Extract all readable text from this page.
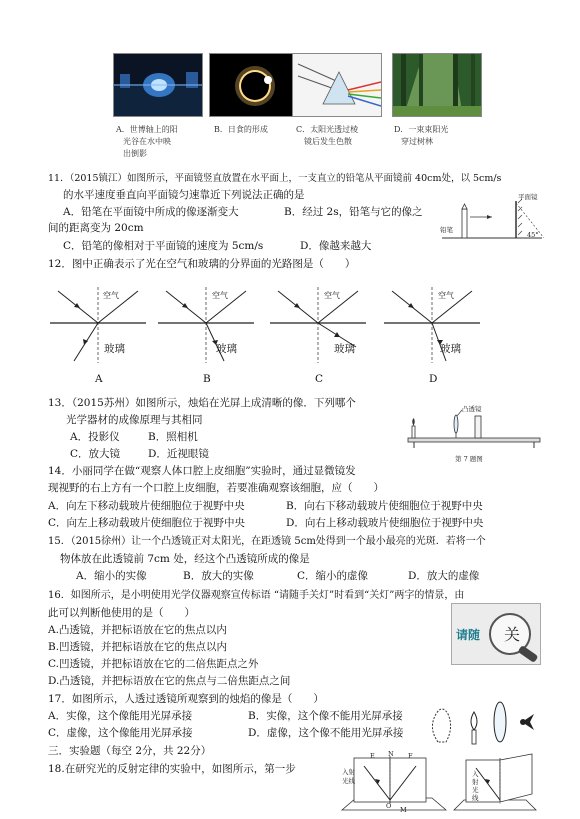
A．世博轴上的阳
光谷在水中映
出倒影
B．日食的形成	C．太阳光透过棱
镜后发生色散
D．一束束阳光
穿过树林
11．（2015镇江）如图所示，平面镜竖直放置在水平面上，一支直立的铅笔从平面镜前 40cm处，以 5cm/s
的水平速度垂直向平面镜匀速靠近下列说法正确的是
A．铅笔在平面镜中所成的像逐渐变大	B．经过 2s，铅笔与它的像之
间的距离变为 20cm
C．铅笔的像相对于平面镜的速度为 5cm/s	D．像越来越大
铅笔
平面镜
45°
12．图中正确表示了光在空气和玻璃的分界面的光路图是（　　）
空气	空气	空气	空气
玻璃	玻璃	玻璃	玻璃
A	B	C	D
13．（2015苏州）如图所示，烛焰在光屏上成清晰的像．下列哪个
光学器材的成像原理与其相同
A．投影仪	B．照相机
C．放大镜	D．近视眼镜
凸透镜
第 7 题图
14．小丽同学在做“观察人体口腔上皮细胞”实验时，通过显微镜发
现视野的右上方有一个口腔上皮细胞，若要准确观察该细胞，应（　　）
A．向左下移动载玻片使细胞位于视野中央	B．向右下移动载玻片使细胞位于视野中央
C．向左上移动载玻片使细胞位于视野中央	D．向右上移动载玻片使细胞位于视野中央
15．（2015徐州）让一个凸透镜正对太阳光，在距透镜 5cm处得到一个最小最亮的光斑．若将一个
物体放在此透镜前 7cm 处，经这个凸透镜所成的像是
A．缩小的实像	B．放大的实像	C．缩小的虚像	D．放大的虚像
16．如图所示，是小明使用光学仪器观察宣传标语 “请随手关灯”时看到“关灯”两字的情景，由
此可以判断他使用的是（　　）
A.凸透镜，并把标语放在它的焦点以内
B.凹透镜，并把标语放在它的焦点以内
C.凹透镜，并把标语放在它的二倍焦距点之外
D.凸透镜，并把标语放在它的焦点与二倍焦距点之间
关
请随
17．如图所示，人透过透镜所观察到的烛焰的像是（　　）
A．实像，这个像能用光屏承接	B．实像，这个像不能用光屏承接
C．虚像，这个像能用光屏承接	D．虚像，这个像不能用光屏承接
三．实验题（每空 2分，共 22分）
18.在研究光的反射定律的实验中，如图所示，第一步	入射
光线
入射光线
E N F
O M
